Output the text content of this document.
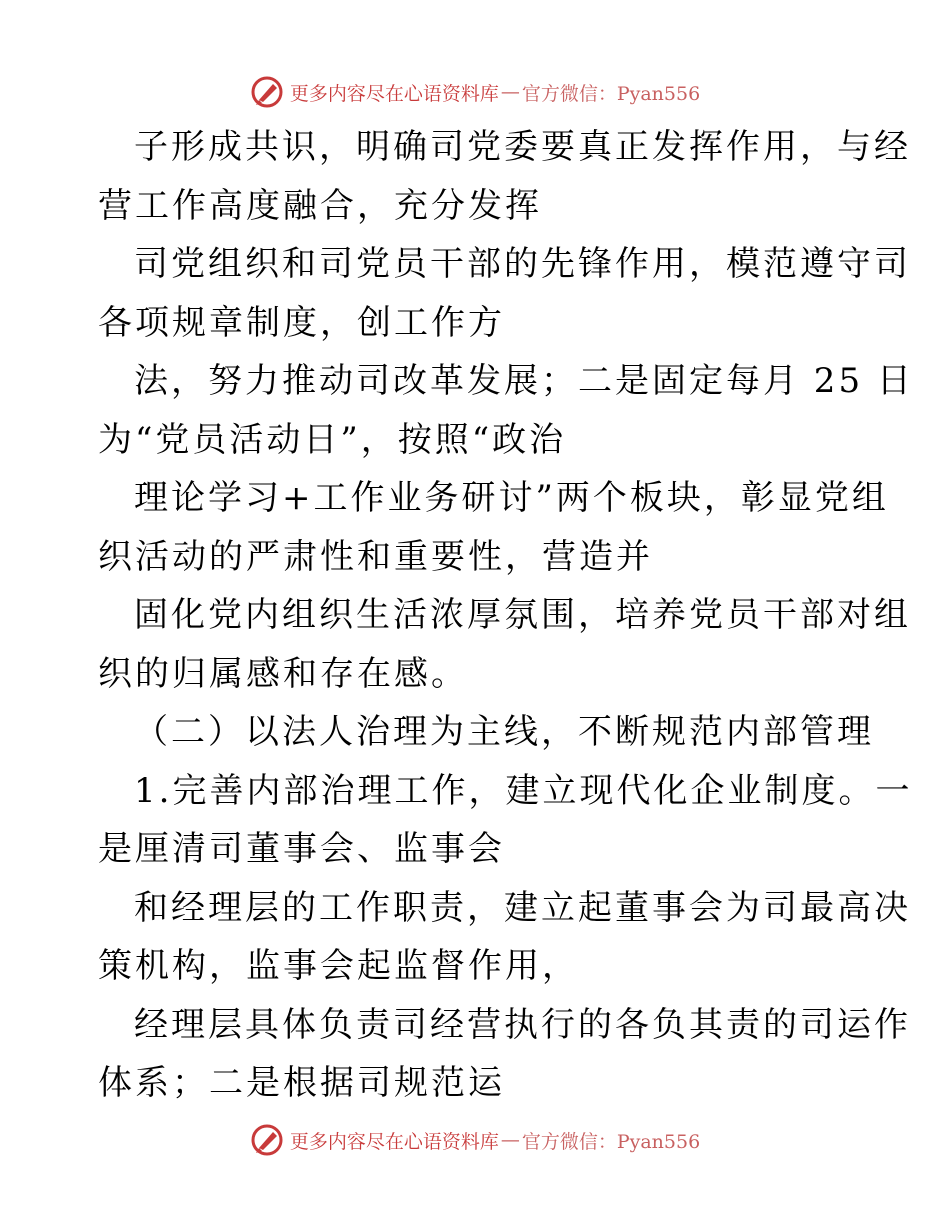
更多内容尽在心语资料库 — 官方微信：Pyan556

子形成共识，明确司党委要真正发挥作用，与经
营工作高度融合，充分发挥

司党组织和司党员干部的先锋作用，模范遵守司
各项规章制度，创工作方

法，努力推动司改革发展；二是固定每月 25 日
为“党员活动日”，按照“政治

理论学习+工作业务研讨”两个板块，彰显党组
织活动的严肃性和重要性，营造并

固化党内组织生活浓厚氛围，培养党员干部对组
织的归属感和存在感。

（二）以法人治理为主线，不断规范内部管理

1.完善内部治理工作，建立现代化企业制度。一
是厘清司董事会、监事会

和经理层的工作职责，建立起董事会为司最高决
策机构，监事会起监督作用，

经理层具体负责司经营执行的各负其责的司运作
体系；二是根据司规范运

更多内容尽在心语资料库 — 官方微信：Pyan556
